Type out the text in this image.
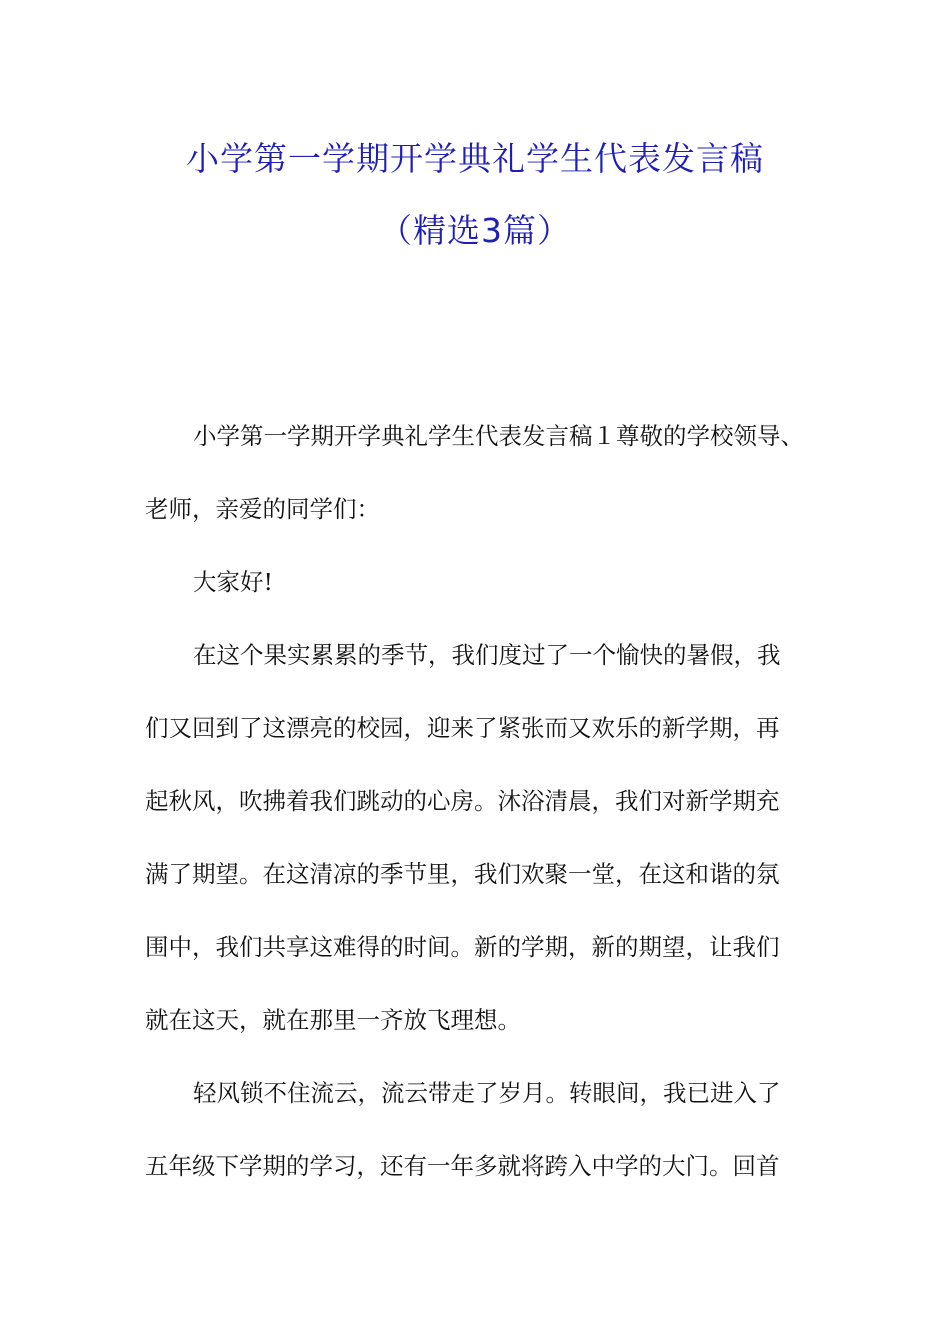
小学第一学期开学典礼学生代表发言稿
（精选3篇）
小学第一学期开学典礼学生代表发言稿１尊敬的学校领导、
老师，亲爱的同学们：
大家好!
在这个果实累累的季节，我们度过了一个愉快的暑假，我
们又回到了这漂亮的校园，迎来了紧张而又欢乐的新学期，再
起秋风，吹拂着我们跳动的心房。沐浴清晨，我们对新学期充
满了期望。在这清凉的季节里，我们欢聚一堂，在这和谐的氛
围中，我们共享这难得的时间。新的学期，新的期望，让我们
就在这天，就在那里一齐放飞理想。
轻风锁不住流云，流云带走了岁月。转眼间，我已进入了
五年级下学期的学习，还有一年多就将跨入中学的大门。回首
